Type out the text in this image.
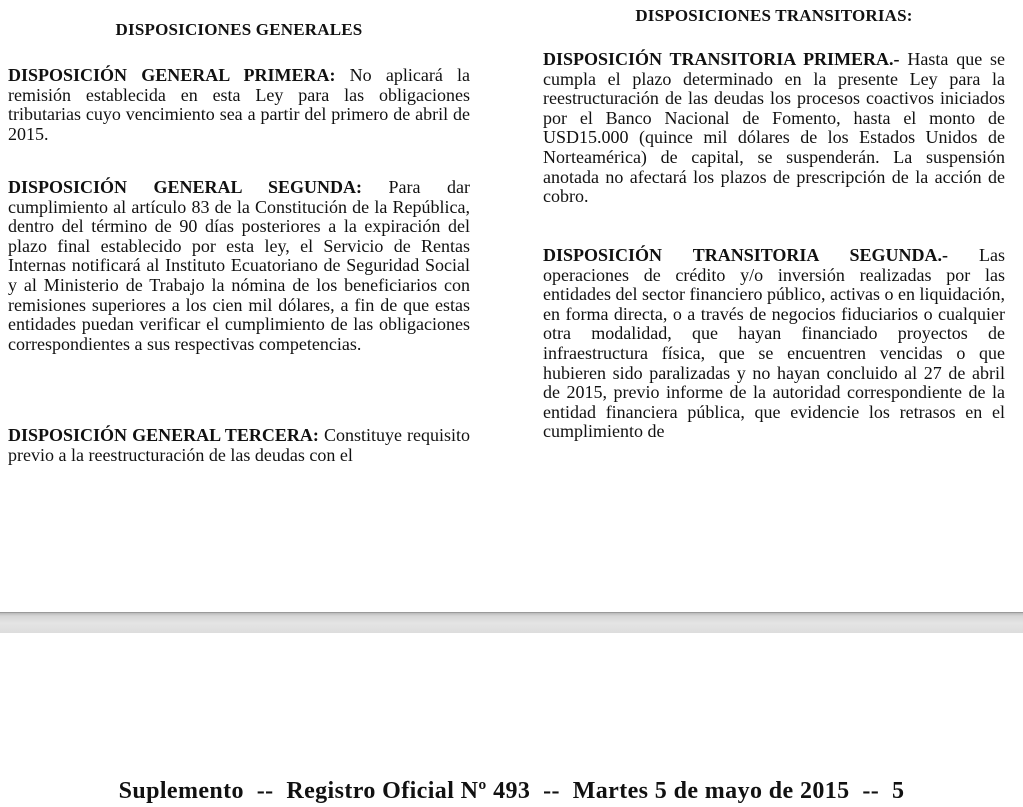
DISPOSICIONES GENERALES

DISPOSICIÓN GENERAL PRIMERA: No aplicará la remisión establecida en esta Ley para las obligaciones tributarias cuyo vencimiento sea a partir del primero de abril de 2015.

DISPOSICIÓN GENERAL SEGUNDA: Para dar cumplimiento al artículo 83 de la Constitución de la República, dentro del término de 90 días posteriores a la expiración del plazo final establecido por esta ley, el Servicio de Rentas Internas notificará al Instituto Ecuatoriano de Seguridad Social y al Ministerio de Trabajo la nómina de los beneficiarios con remisiones superiores a los cien mil dólares, a fin de que estas entidades puedan verificar el cumplimiento de las obligaciones correspondientes a sus respectivas competencias.

DISPOSICIÓN GENERAL TERCERA: Constituye requisito previo a la reestructuración de las deudas con el

DISPOSICIONES TRANSITORIAS:

DISPOSICIÓN TRANSITORIA PRIMERA.- Hasta que se cumpla el plazo determinado en la presente Ley para la reestructuración de las deudas los procesos coactivos iniciados por el Banco Nacional de Fomento, hasta el monto de USD15.000 (quince mil dólares de los Estados Unidos de Norteamérica) de capital, se suspenderán. La suspensión anotada no afectará los plazos de prescripción de la acción de cobro.

DISPOSICIÓN TRANSITORIA SEGUNDA.- Las operaciones de crédito y/o inversión realizadas por las entidades del sector financiero público, activas o en liquidación, en forma directa, o a través de negocios fiduciarios o cualquier otra modalidad, que hayan financiado proyectos de infraestructura física, que se encuentren vencidas o que hubieren sido paralizadas y no hayan concluido al 27 de abril de 2015, previo informe de la autoridad correspondiente de la entidad financiera pública, que evidencie los retrasos en el cumplimiento de

Suplemento  --  Registro Oficial Nº 493  --  Martes 5 de mayo de 2015  --  5
